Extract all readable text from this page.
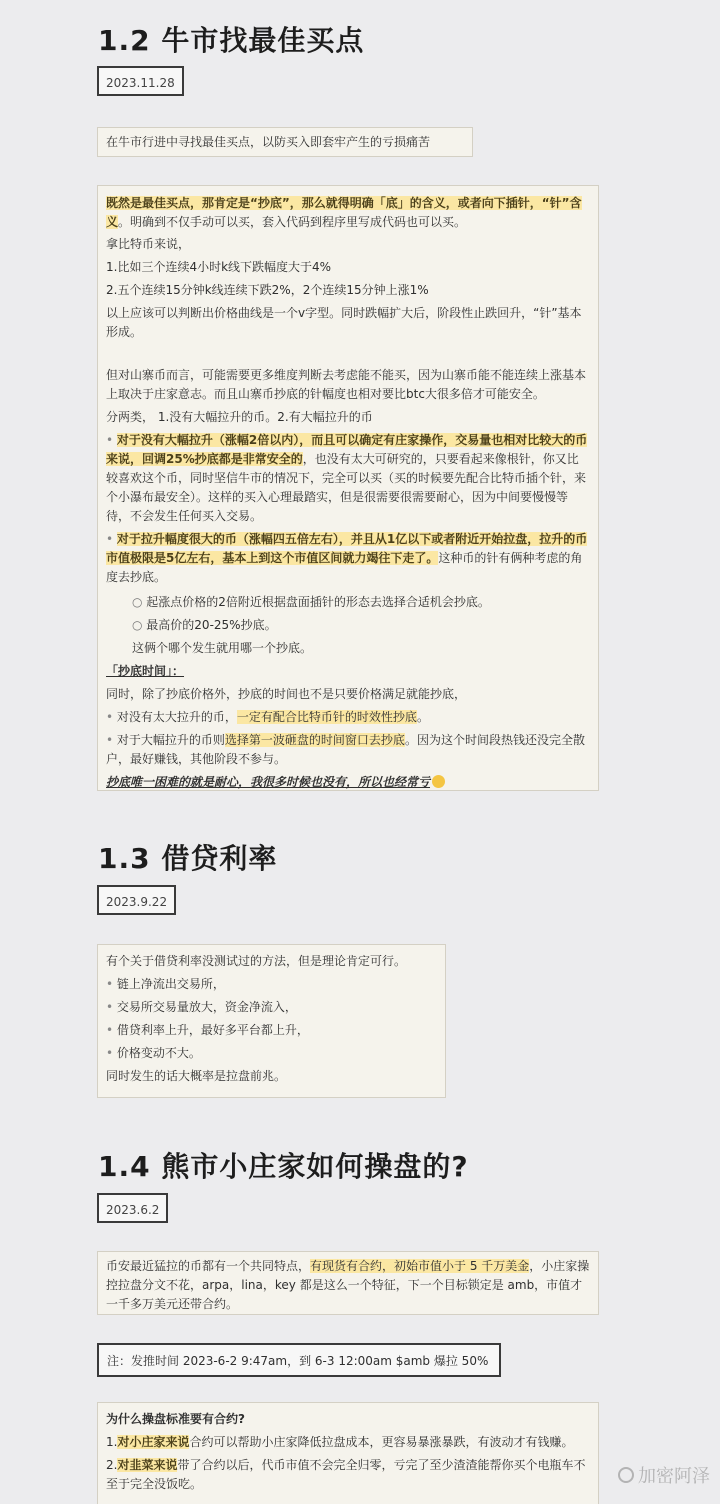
1.2 牛市找最佳买点
2023.11.28

在牛市行进中寻找最佳买点，以防买入即套牢产生的亏损痛苦

既然是最佳买点，那肯定是“抄底”，那么就得明确「底」的含义，或者向下插针，“针”含义。明确到不仅手动可以买，套入代码到程序里写成代码也可以买。

拿比特币来说，

1.比如三个连续4小时k线下跌幅度大于4%

2.五个连续15分钟k线连续下跌2%，2个连续15分钟上涨1%

以上应该可以判断出价格曲线是一个v字型。同时跌幅扩大后，阶段性止跌回升，“针”基本形成。

但对山寨币而言，可能需要更多维度判断去考虑能不能买，因为山寨币能不能连续上涨基本上取决于庄家意志。而且山寨币抄底的针幅度也相对要比btc大很多倍才可能安全。

分两类， 1.没有大幅拉升的币。2.有大幅拉升的币

• 对于没有大幅拉升（涨幅2倍以内），而且可以确定有庄家操作，交易量也相对比较大的币来说，回调25%抄底都是非常安全的，也没有太大可研究的，只要看起来像根针，你又比较喜欢这个币，同时坚信牛市的情况下，完全可以买（买的时候要先配合比特币插个针，来个小瀑布最安全）。这样的买入心理最踏实，但是很需要很需要耐心，因为中间要慢慢等待，不会发生任何买入交易。

• 对于拉升幅度很大的币（涨幅四五倍左右），并且从1亿以下或者附近开始拉盘，拉升的币市值极限是5亿左右，基本上到这个市值区间就力竭往下走了。这种币的针有俩种考虑的角度去抄底。

○ 起涨点价格的2倍附近根据盘面插针的形态去选择合适机会抄底。

○ 最高价的20-25%抄底。

这俩个哪个发生就用哪一个抄底。

「抄底时间」：

同时，除了抄底价格外，抄底的时间也不是只要价格满足就能抄底，

• 对没有太大拉升的币，一定有配合比特币针的时效性抄底。

• 对于大幅拉升的币则选择第一波砸盘的时间窗口去抄底。因为这个时间段热钱还没完全散户，最好赚钱，其他阶段不参与。

抄底唯一困难的就是耐心，我很多时候也没有，所以也经常亏

1.3 借贷利率
2023.9.22

有个关于借贷利率没测试过的方法，但是理论肯定可行。

• 链上净流出交易所，

• 交易所交易量放大，资金净流入，

• 借贷利率上升，最好多平台都上升，

• 价格变动不大。

同时发生的话大概率是拉盘前兆。

1.4 熊市小庄家如何操盘的?
2023.6.2

币安最近猛拉的币都有一个共同特点，有现货有合约，初始市值小于 5 千万美金，小庄家操控拉盘分文不花，arpa，lina，key 都是这么一个特征，下一个目标锁定是 amb，市值才一千多万美元还带合约。

注：发推时间 2023-6-2 9:47am，到 6-3 12:00am $amb 爆拉 50%

为什么操盘标准要有合约?

1.对小庄家来说合约可以帮助小庄家降低拉盘成本，更容易暴涨暴跌，有波动才有钱赚。

2.对韭菜来说带了合约以后，代币市值不会完全归零，亏完了至少渣渣能帮你买个电瓶车不至于完全没饭吃。	加密阿泽
